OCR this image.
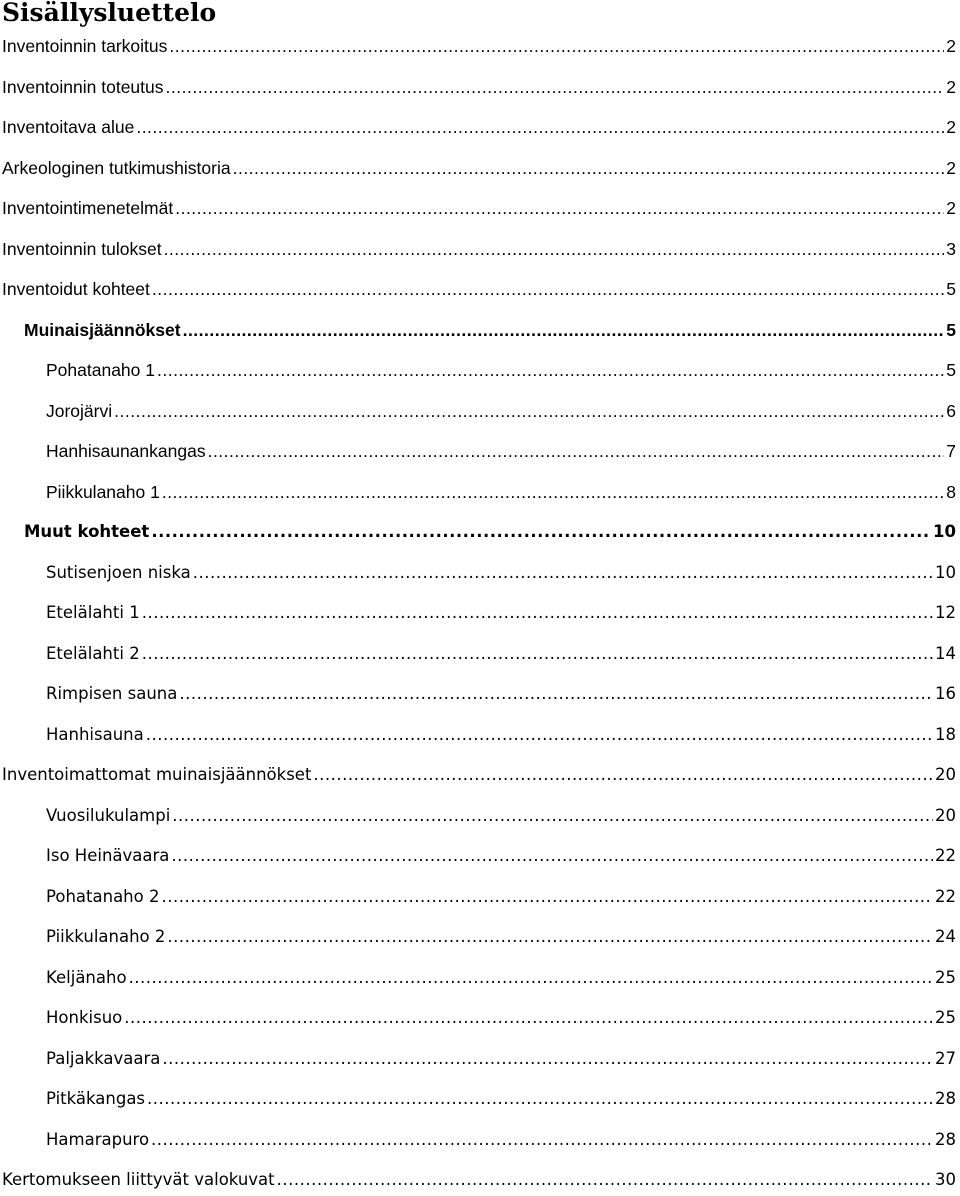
Sisällysluettelo
Inventoinnin tarkoitus .....	2
Inventoinnin toteutus .....	2
Inventoitava alue .....	2
Arkeologinen tutkimushistoria .....	2
Inventointimenetelmät .....	2
Inventoinnin tulokset .....	3
Inventoidut kohteet .....	5
Muinaisjäännökset .....	5
Pohatanaho 1 .....	5
Jorojärvi .....	6
Hanhisaunankangas .....	7
Piikkulanaho 1 .....	8
Muut kohteet .....	10
Sutisenjoen niska .....	10
Etelälahti 1 .....	12
Etelälahti 2 .....	14
Rimpisen sauna .....	16
Hanhisauna .....	18
Inventoimattomat muinaisjäännökset .....	20
Vuosilukulampi .....	20
Iso Heinävaara .....	22
Pohatanaho 2 .....	22
Piikkulanaho 2 .....	24
Keljänaho .....	25
Honkisuo .....	25
Paljakkavaara .....	27
Pitkäkangas .....	28
Hamarapuro .....	28
Kertomukseen liittyvät valokuvat .....	30
